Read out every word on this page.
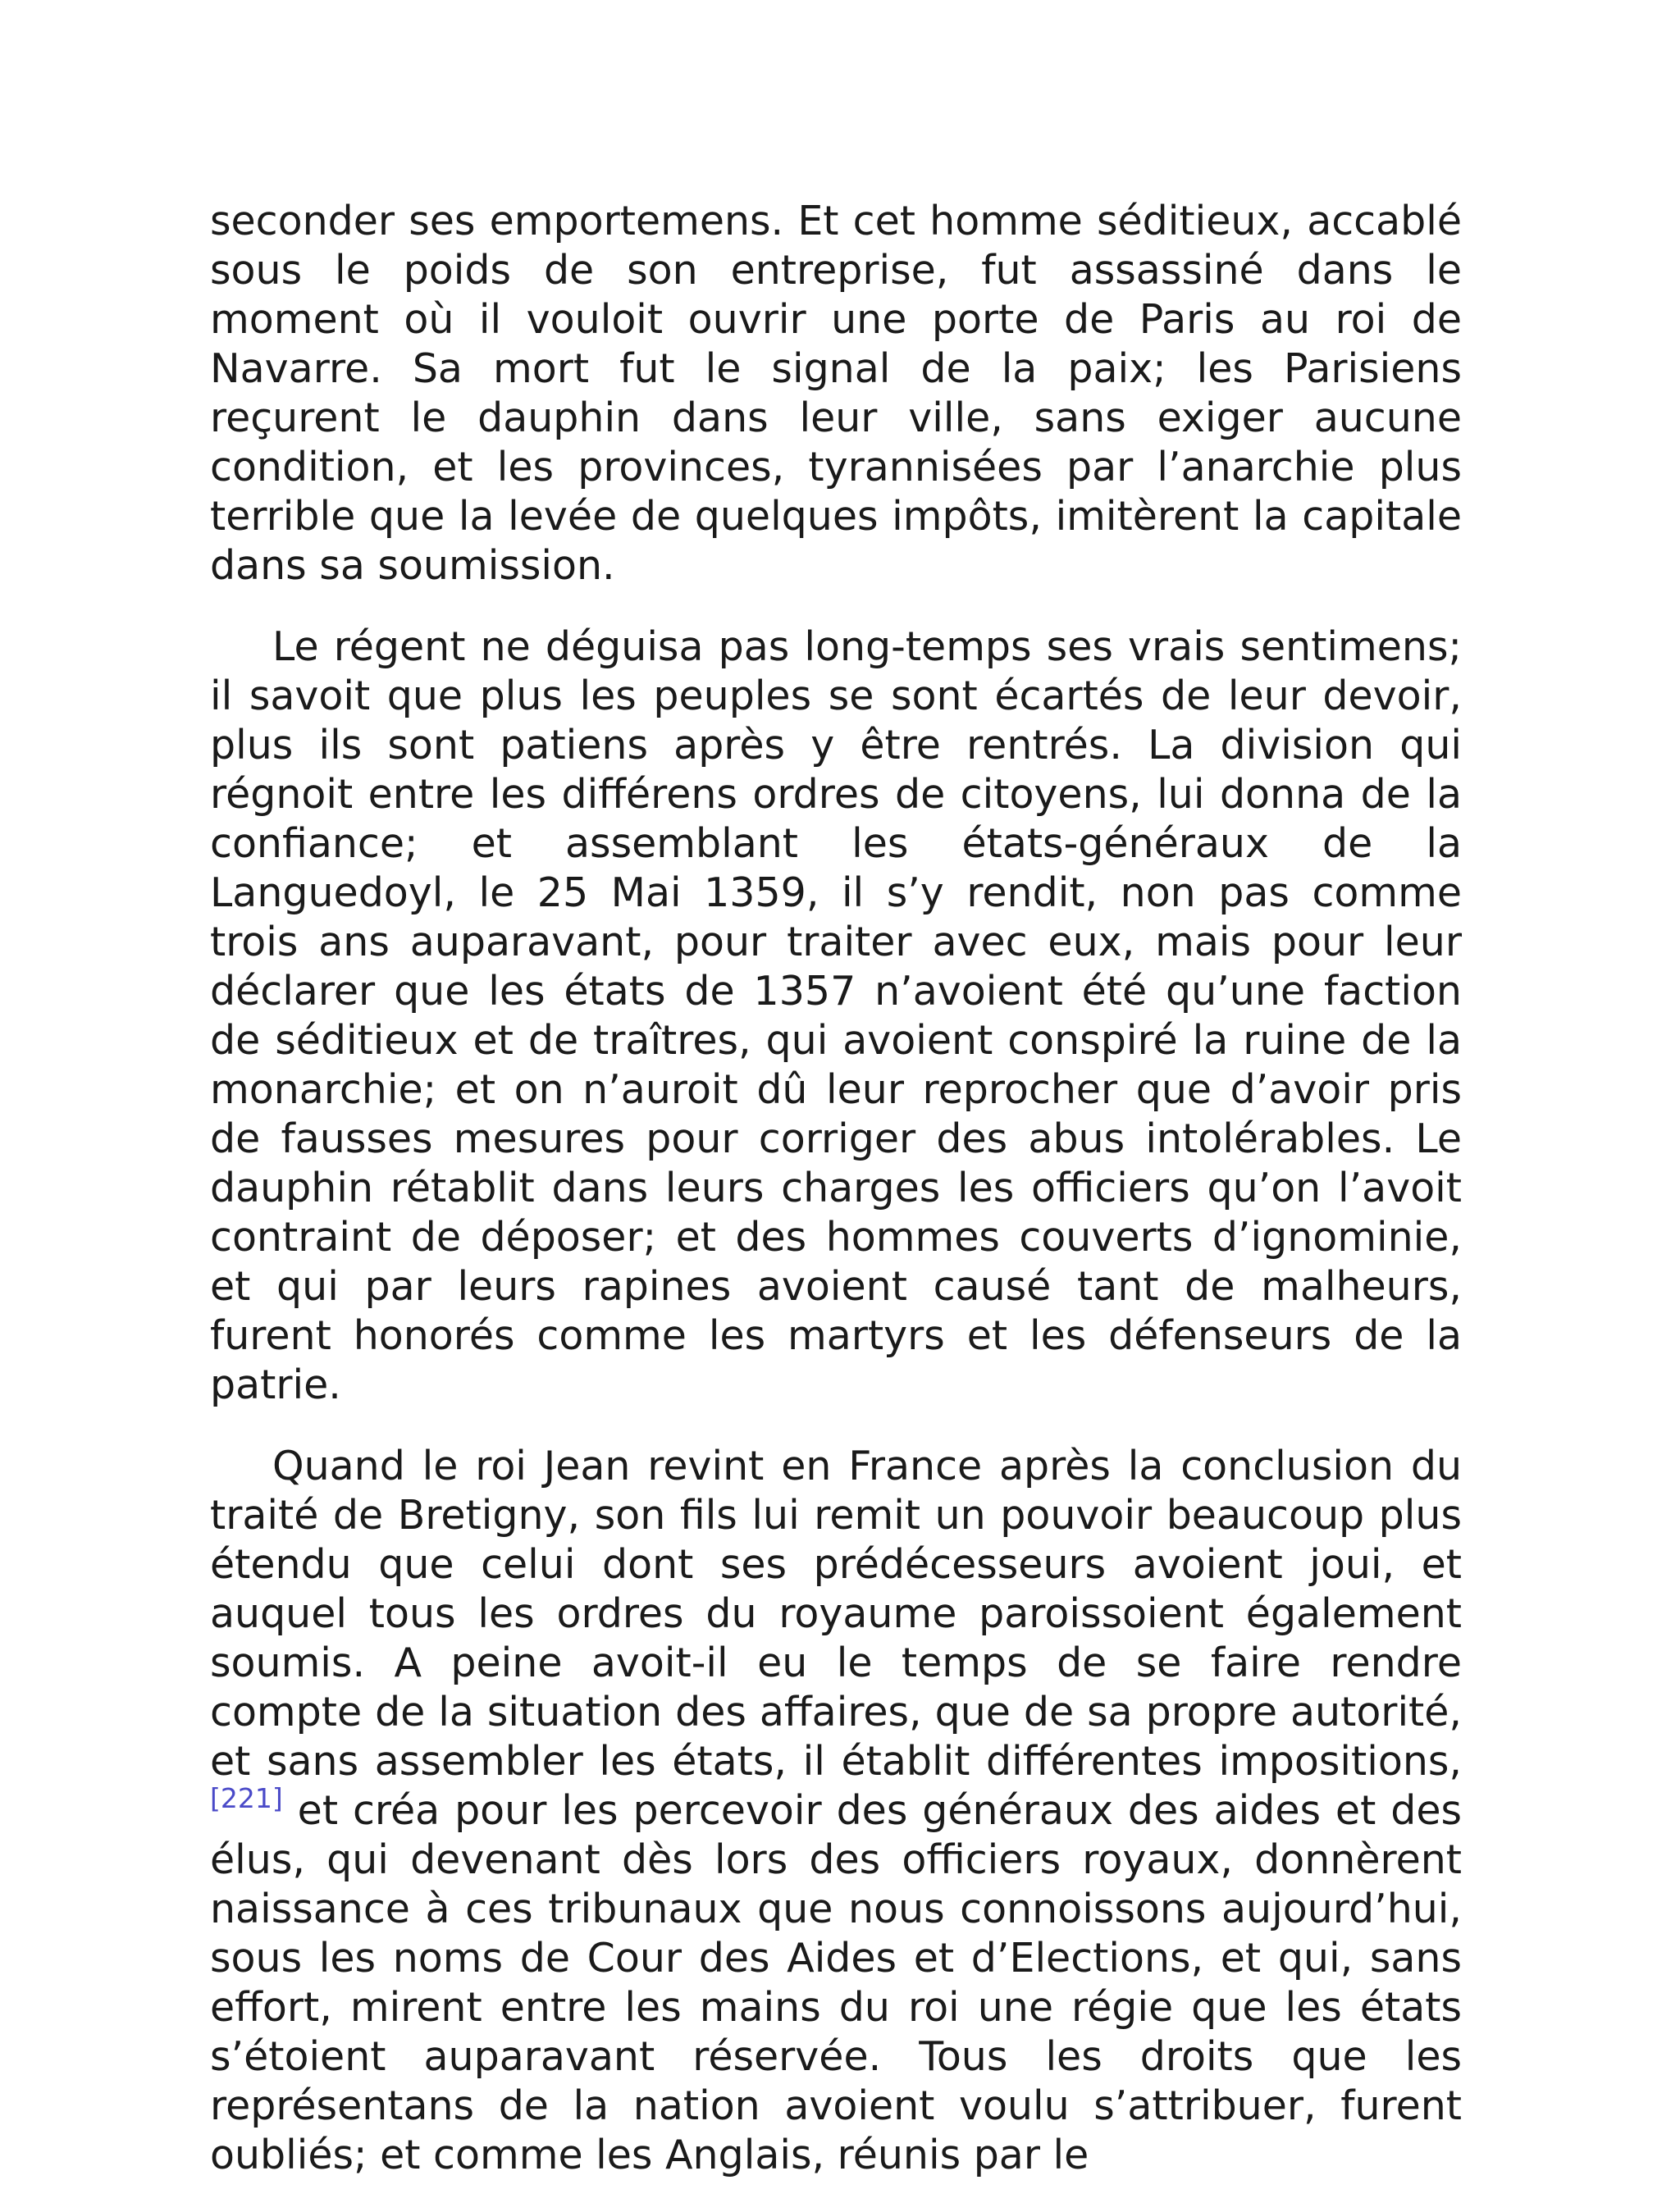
seconder ses emportemens. Et cet homme séditieux, accablé sous le poids de son entreprise, fut assassiné dans le moment où il vouloit ouvrir une porte de Paris au roi de Navarre. Sa mort fut le signal de la paix; les Parisiens reçurent le dauphin dans leur ville, sans exiger aucune condition, et les provinces, tyrannisées par l’anarchie plus terrible que la levée de quelques impôts, imitèrent la capitale dans sa soumission.

Le régent ne déguisa pas long-temps ses vrais sentimens; il savoit que plus les peuples se sont écartés de leur devoir, plus ils sont patiens après y être rentrés. La division qui régnoit entre les différens ordres de citoyens, lui donna de la confiance; et assemblant les états-généraux de la Languedoyl, le 25 Mai 1359, il s’y rendit, non pas comme trois ans auparavant, pour traiter avec eux, mais pour leur déclarer que les états de 1357 n’avoient été qu’une faction de séditieux et de traîtres, qui avoient conspiré la ruine de la monarchie; et on n’auroit dû leur reprocher que d’avoir pris de fausses mesures pour corriger des abus intolérables. Le dauphin rétablit dans leurs charges les officiers qu’on l’avoit contraint de déposer; et des hommes couverts d’ignominie, et qui par leurs rapines avoient causé tant de malheurs, furent honorés comme les martyrs et les défenseurs de la patrie.

Quand le roi Jean revint en France après la conclusion du traité de Bretigny, son fils lui remit un pouvoir beaucoup plus étendu que celui dont ses prédécesseurs avoient joui, et auquel tous les ordres du royaume paroissoient également soumis. A peine avoit-il eu le temps de se faire rendre compte de la situation des affaires, que de sa propre autorité, et sans assembler les états, il établit différentes impositions,[221] et créa pour les percevoir des généraux des aides et des élus, qui devenant dès lors des officiers royaux, donnèrent naissance à ces tribunaux que nous connoissons aujourd’hui, sous les noms de Cour des Aides et d’Elections, et qui, sans effort, mirent entre les mains du roi une régie que les états s’étoient auparavant réservée. Tous les droits que les représentans de la nation avoient voulu s’attribuer, furent oubliés; et comme les Anglais, réunis par le
